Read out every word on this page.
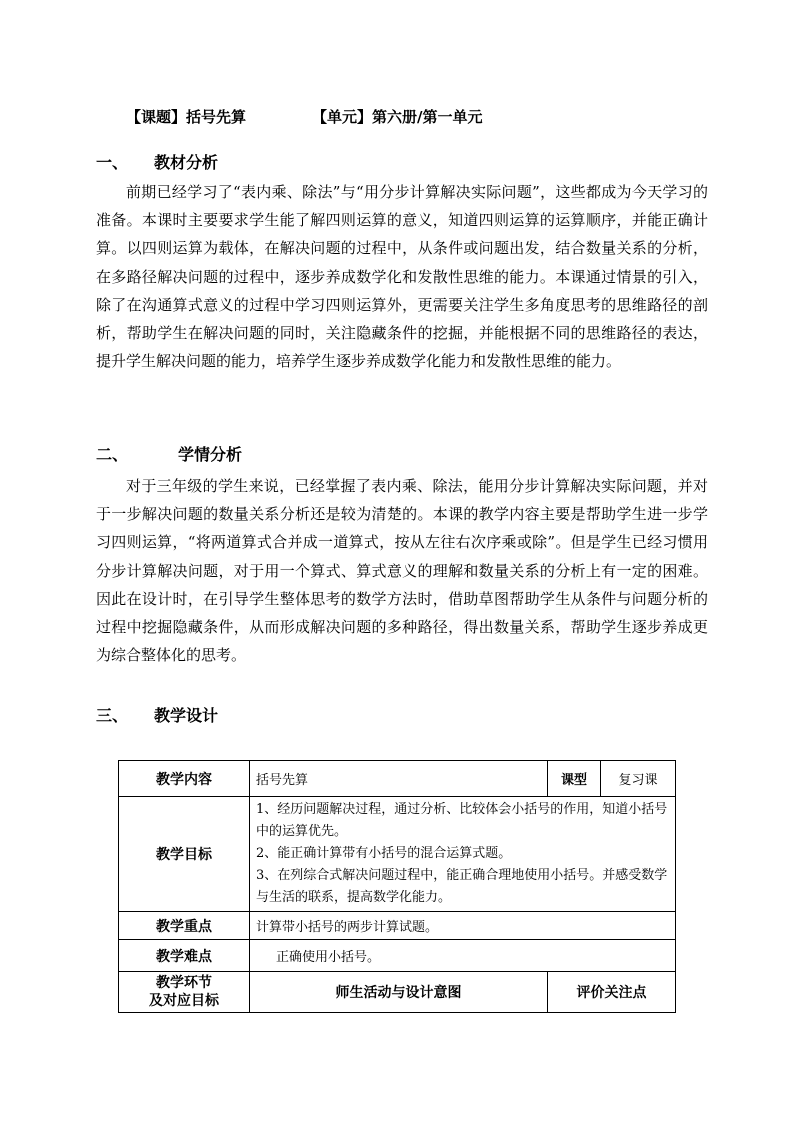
【课题】括号先算	【单元】第六册/第一单元
一、 教材分析
前期已经学习了“表内乘、除法”与“用分步计算解决实际问题”，这些都成为今天学习的准备。本课时主要要求学生能了解四则运算的意义，知道四则运算的运算顺序，并能正确计算。以四则运算为载体，在解决问题的过程中，从条件或问题出发，结合数量关系的分析，在多路径解决问题的过程中，逐步养成数学化和发散性思维的能力。本课通过情景的引入，除了在沟通算式意义的过程中学习四则运算外，更需要关注学生多角度思考的思维路径的剖析，帮助学生在解决问题的同时，关注隐藏条件的挖掘，并能根据不同的思维路径的表达，提升学生解决问题的能力，培养学生逐步养成数学化能力和发散性思维的能力。
二、	学情分析
对于三年级的学生来说，已经掌握了表内乘、除法，能用分步计算解决实际问题，并对于一步解决问题的数量关系分析还是较为清楚的。本课的教学内容主要是帮助学生进一步学习四则运算，“将两道算式合并成一道算式，按从左往右次序乘或除”。但是学生已经习惯用分步计算解决问题，对于用一个算式、算式意义的理解和数量关系的分析上有一定的困难。因此在设计时，在引导学生整体思考的数学方法时，借助草图帮助学生从条件与问题分析的过程中挖掘隐藏条件，从而形成解决问题的多种路径，得出数量关系，帮助学生逐步养成更为综合整体化的思考。
三、 教学设计
教学内容	括号先算	课型	复习课
教学目标	1、经历问题解决过程，通过分析、比较体会小括号的作用，知道小括号中的运算优先。
2、能正确计算带有小括号的混合运算式题。
3、在列综合式解决问题过程中，能正确合理地使用小括号。并感受数学与生活的联系，提高数学化能力。		

教学重点	计算带小括号的两步计算试题。		
教学难点	正确使用小括号。		

教学环节
及对应目标	师生活动与设计意图	评价关注点	
